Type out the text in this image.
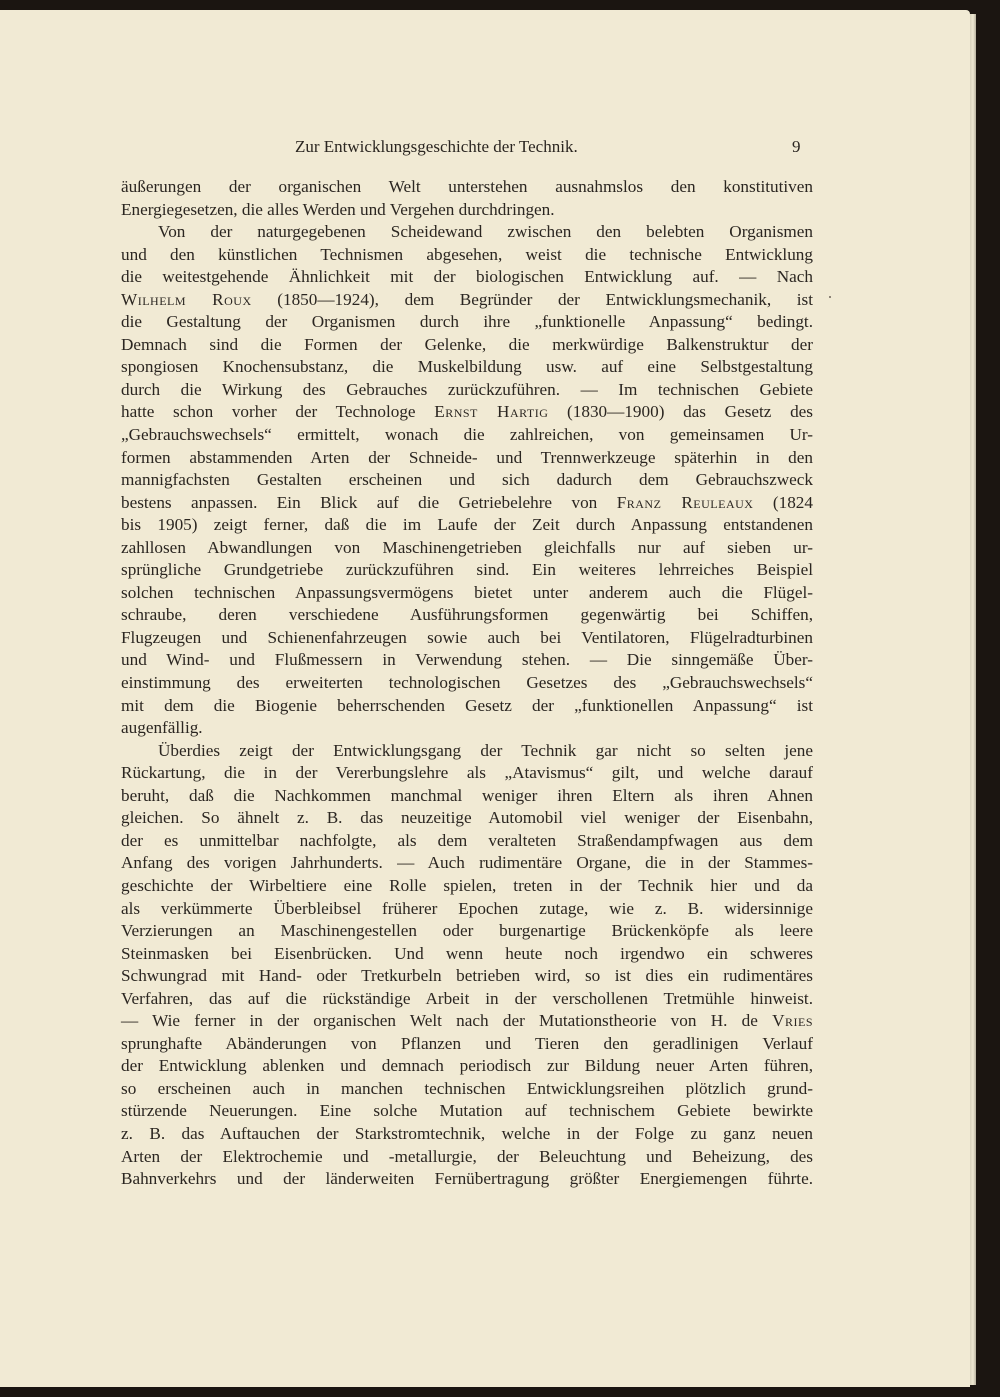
Zur Entwicklungsgeschichte der Technik.	9
äußerungen der organischen Welt unterstehen ausnahmslos den konstitutiven
Energiegesetzen, die alles Werden und Vergehen durchdringen.
Von der naturgegebenen Scheidewand zwischen den belebten Organismen
und den künstlichen Technismen abgesehen, weist die technische Entwicklung
die weitestgehende Ähnlichkeit mit der biologischen Entwicklung auf. — Nach
Wilhelm Roux (1850—1924), dem Begründer der Entwicklungsmechanik, ist
die Gestaltung der Organismen durch ihre „funktionelle Anpassung“ bedingt.
Demnach sind die Formen der Gelenke, die merkwürdige Balkenstruktur der
spongiosen Knochensubstanz, die Muskelbildung usw. auf eine Selbstgestaltung
durch die Wirkung des Gebrauches zurückzuführen. — Im technischen Gebiete
hatte schon vorher der Technologe Ernst Hartig (1830—1900) das Gesetz des
„Gebrauchswechsels“ ermittelt, wonach die zahlreichen, von gemeinsamen Ur-
formen abstammenden Arten der Schneide- und Trennwerkzeuge späterhin in den
mannigfachsten Gestalten erscheinen und sich dadurch dem Gebrauchszweck
bestens anpassen. Ein Blick auf die Getriebelehre von Franz Reuleaux (1824
bis 1905) zeigt ferner, daß die im Laufe der Zeit durch Anpassung entstandenen
zahllosen Abwandlungen von Maschinengetrieben gleichfalls nur auf sieben ur-
sprüngliche Grundgetriebe zurückzuführen sind. Ein weiteres lehrreiches Beispiel
solchen technischen Anpassungsvermögens bietet unter anderem auch die Flügel-
schraube, deren verschiedene Ausführungsformen gegenwärtig bei Schiffen,
Flugzeugen und Schienenfahrzeugen sowie auch bei Ventilatoren, Flügelradturbinen
und Wind- und Flußmessern in Verwendung stehen. — Die sinngemäße Über-
einstimmung des erweiterten technologischen Gesetzes des „Gebrauchswechsels“
mit dem die Biogenie beherrschenden Gesetz der „funktionellen Anpassung“ ist
augenfällig.
Überdies zeigt der Entwicklungsgang der Technik gar nicht so selten jene
Rückartung, die in der Vererbungslehre als „Atavismus“ gilt, und welche darauf
beruht, daß die Nachkommen manchmal weniger ihren Eltern als ihren Ahnen
gleichen. So ähnelt z. B. das neuzeitige Automobil viel weniger der Eisenbahn,
der es unmittelbar nachfolgte, als dem veralteten Straßendampfwagen aus dem
Anfang des vorigen Jahrhunderts. — Auch rudimentäre Organe, die in der Stammes-
geschichte der Wirbeltiere eine Rolle spielen, treten in der Technik hier und da
als verkümmerte Überbleibsel früherer Epochen zutage, wie z. B. widersinnige
Verzierungen an Maschinengestellen oder burgenartige Brückenköpfe als leere
Steinmasken bei Eisenbrücken. Und wenn heute noch irgendwo ein schweres
Schwungrad mit Hand- oder Tretkurbeln betrieben wird, so ist dies ein rudimentäres
Verfahren, das auf die rückständige Arbeit in der verschollenen Tretmühle hinweist.
— Wie ferner in der organischen Welt nach der Mutationstheorie von H. de Vries
sprunghafte Abänderungen von Pflanzen und Tieren den geradlinigen Verlauf
der Entwicklung ablenken und demnach periodisch zur Bildung neuer Arten führen,
so erscheinen auch in manchen technischen Entwicklungsreihen plötzlich grund-
stürzende Neuerungen. Eine solche Mutation auf technischem Gebiete bewirkte
z. B. das Auftauchen der Starkstromtechnik, welche in der Folge zu ganz neuen
Arten der Elektrochemie und -metallurgie, der Beleuchtung und Beheizung, des
Bahnverkehrs und der länderweiten Fernübertragung größter Energiemengen führte.
